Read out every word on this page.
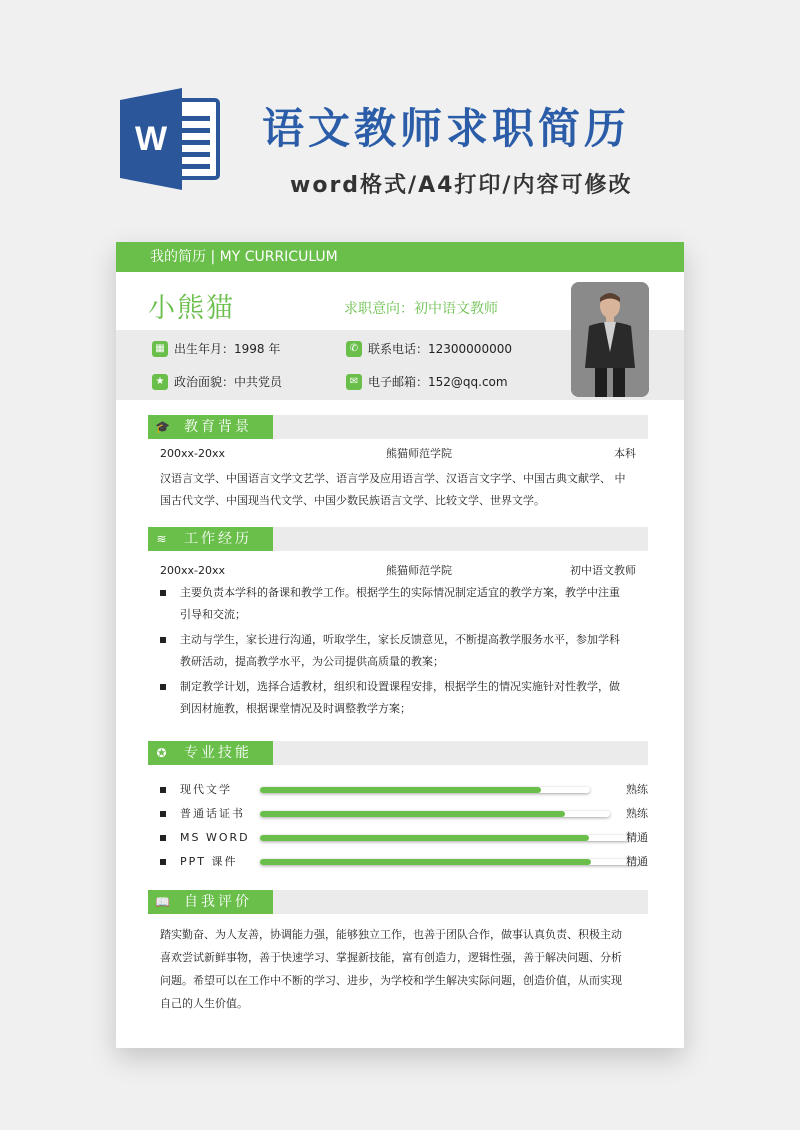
W 语文教师求职简历
word格式/A4打印/内容可修改
我的简历 | MY CURRICULUM
小熊猫	求职意向：初中语文教师
▦ 出生年月：1998 年	✆ 联系电话：12300000000
★ 政治面貌：中共党员	✉ 电子邮箱：152@qq.com
🎓 教育背景
200xx-20xx	熊猫师范学院	本科
汉语言文学、中国语言文学文艺学、语言学及应用语言学、汉语言文字学、中国古典文献学、 中
国古代文学、中国现当代文学、中国少数民族语言文学、比较文学、世界文学。
≋ 工作经历
200xx-20xx	熊猫师范学院	初中语文教师
主要负责本学科的备课和教学工作。根据学生的实际情况制定适宜的教学方案，教学中注重
引导和交流；
主动与学生，家长进行沟通，听取学生，家长反馈意见，不断提高教学服务水平，参加学科
教研活动，提高教学水平，为公司提供高质量的教案；
制定教学计划，选择合适教材，组织和设置课程安排，根据学生的情况实施针对性教学，做
到因材施教，根据课堂情况及时调整教学方案；
✪ 专业技能
现代文学	熟练
普通话证书	熟练
MS WORD	精通
PPT 课件	精通
📖 自我评价
踏实勤奋、为人友善，协调能力强，能够独立工作，也善于团队合作，做事认真负责、积极主动
喜欢尝试新鲜事物，善于快速学习、掌握新技能，富有创造力，逻辑性强，善于解决问题、分析
问题。希望可以在工作中不断的学习、进步，为学校和学生解决实际问题，创造价值，从而实现
自己的人生价值。
